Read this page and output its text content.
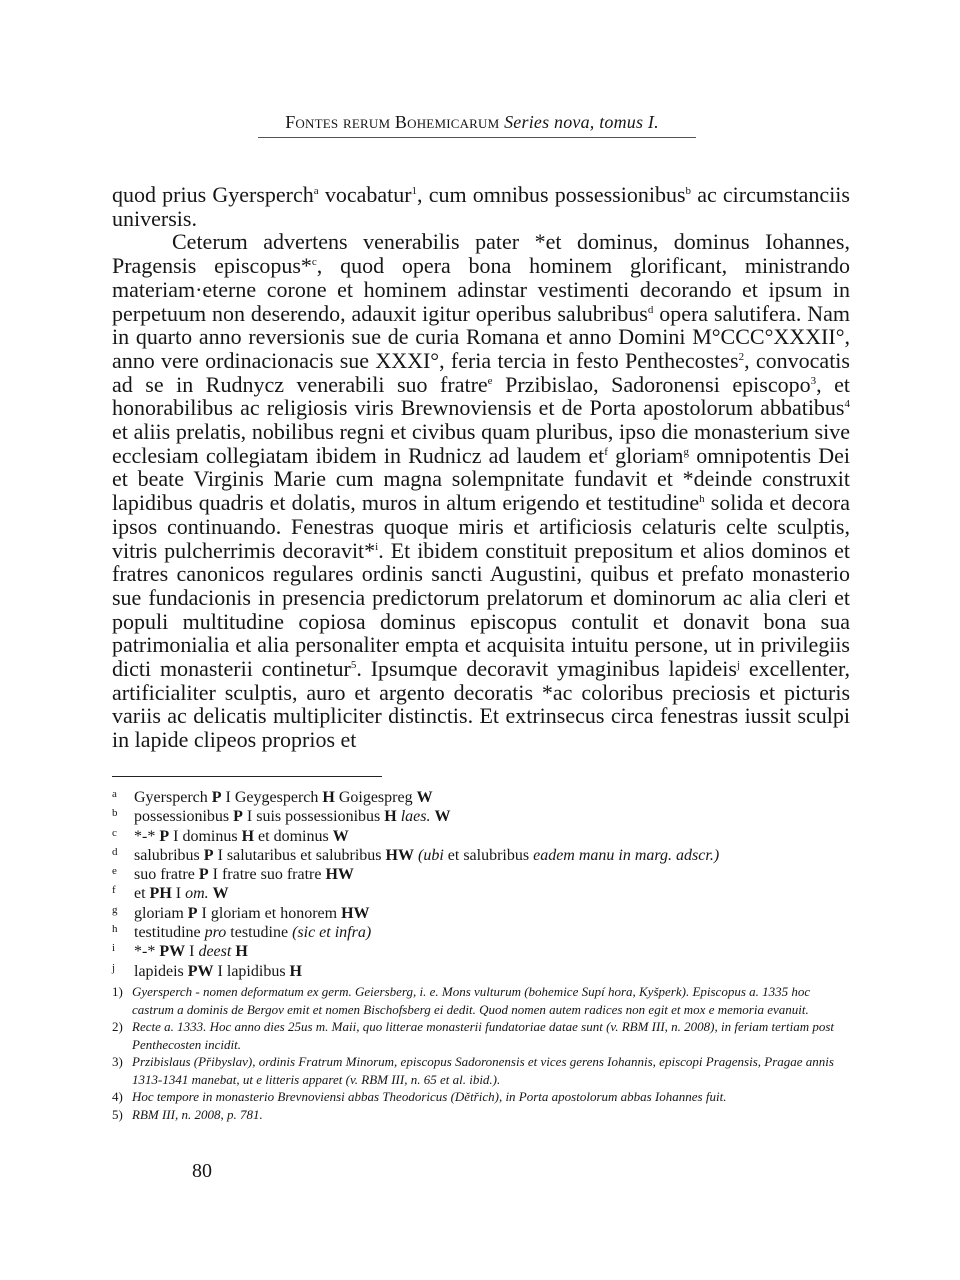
Fontes rerum Bohemicarum Series nova, tomus I.

quod prius Gyersperch$^a$ vocabatur$^1$, cum omnibus possessionibus$^b$ ac circumstanciis universis.

Ceterum advertens venerabilis pater *et dominus, dominus Iohannes, Pragensis episcopus*$^c$, quod opera bona hominem glorificant, ministrando materiam·eterne corone et hominem adinstar vestimenti decorando et ipsum in perpetuum non deserendo, adauxit igitur operibus salubribus$^d$ opera salutifera. Nam in quarto anno reversionis sue de curia Romana et anno Domini M°CCC°XXXII°, anno vere ordinacionacis sue XXXI°, feria tercia in festo Penthecostes$^2$, convocatis ad se in Rudnycz venerabili suo fratre$^e$ Przibislao, Sadoronensi episcopo$^3$, et honorabilibus ac religiosis viris Brewnoviensis et de Porta apostolorum abbatibus$^4$ et aliis prelatis, nobilibus regni et civibus quam pluribus, ipso die monasterium sive ecclesiam collegiatam ibidem in Rudnicz ad laudem $et^f$ gloriam$^g$ omnipotentis Dei et beate Virginis Marie cum magna solempnitate fundavit et *deinde construxit lapidibus quadris et dolatis, muros in altum erigendo et testitudine$^h$ solida et decora ipsos continuando. Fenestras quoque miris et artificiosis celaturis celte sculptis, vitris pulcherrimis decoravit*$^i$. Et ibidem constituit prepositum et alios dominos et fratres canonicos regulares ordinis sancti Augustini, quibus et prefato monasterio sue fundacionis in presencia predictorum prelatorum et dominorum ac alia cleri et populi multitudine copiosa dominus episcopus contulit et donavit bona sua patrimonialia et alia personaliter empta et acquisita intuitu persone, ut in privilegiis dicti monasterii continetur$^5$. Ipsumque decoravit ymaginibus lapideis$^j$ excellenter, artificialiter sculptis, auro et argento decoratis *ac coloribus preciosis et picturis variis ac delicatis multipliciter distinctis. Et extrinsecus circa fenestras iussit sculpi in lapide clipeos proprios et

a	Gyersperch P I Geygesperch H Goigespreg W
b	possessionibus P I suis possessionibus H laes. W
c	*-* P I dominus H et dominus W
d	salubribus P I salutaribus et salubribus HW (ubi et salubribus eadem manu in marg. adscr.)
e	suo fratre P I fratre suo fratre HW
f	et PH I om. W
g	gloriam P I gloriam et honorem HW
h	testitudine pro testudine (sic et infra)
i	*-* PW I deest H
j	lapideis PW I lapidibus H
1) Gyersperch - nomen deformatum ex germ. Geiersberg, i. e. Mons vulturum (bohemice Supí hora, Kyšperk). Episcopus a. 1335 hoc castrum a dominis de Bergov emit et nomen Bischofsberg ei dedit. Quod nomen autem radices non egit et mox e memoria evanuit.
2) Recte a. 1333. Hoc anno dies 25us m. Maii, quo litterae monasterii fundatoriae datae sunt (v. RBM III, n. 2008), in feriam tertiam post Penthecosten incidit.
3) Przibislaus (Přibyslav), ordinis Fratrum Minorum, episcopus Sadoronensis et vices gerens Iohannis, episcopi Pragensis, Pragae annis 1313-1341 manebat, ut e litteris apparet (v. RBM III, n. 65 et al. ibid.).
4) Hoc tempore in monasterio Brevnoviensi abbas Theodoricus (Dětřich), in Porta apostolorum abbas Iohannes fuit.
5) RBM III, n. 2008, p. 781.
80
